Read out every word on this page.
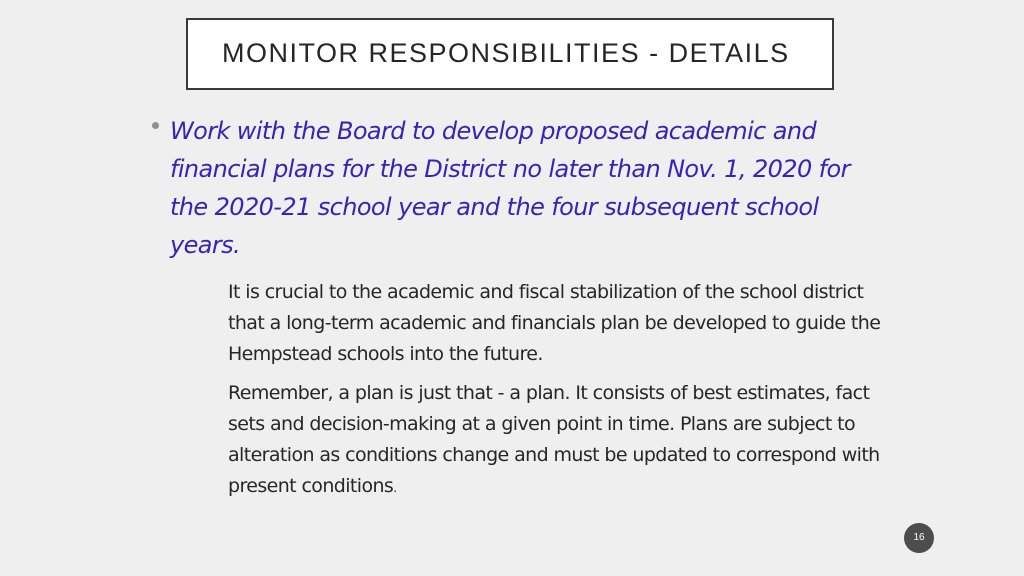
MONITOR RESPONSIBILITIES - DETAILS
Work with the Board to develop proposed academic and financial plans for the District no later than Nov. 1, 2020 for the 2020-21 school year and the four subsequent school years.
It is crucial to the academic and fiscal stabilization of the school district that a long-term academic and financials plan be developed to guide the Hempstead schools into the future.
Remember, a plan is just that - a plan. It consists of best estimates, fact sets and decision-making at a given point in time. Plans are subject to alteration as conditions change and must be updated to correspond with present conditions.
16
